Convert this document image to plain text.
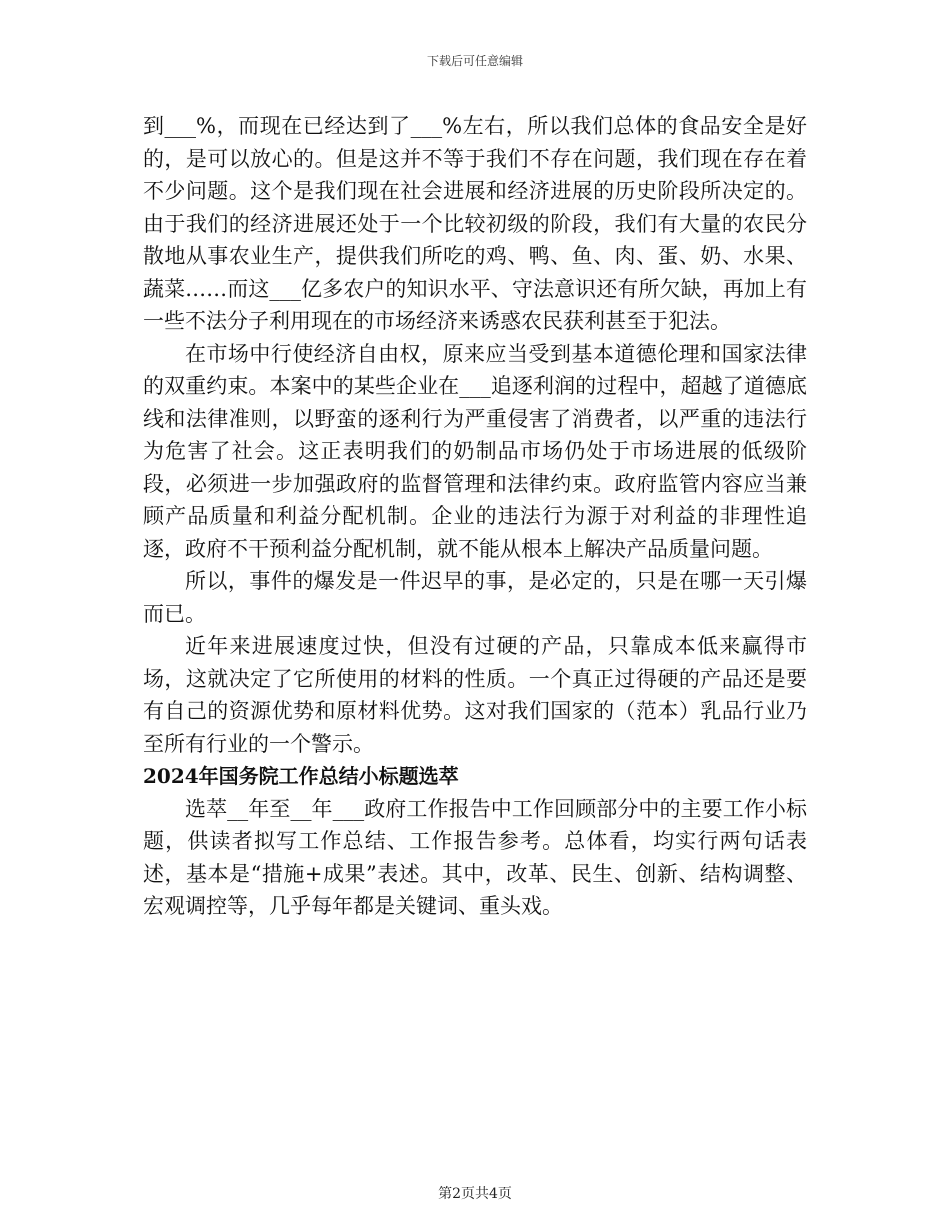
下载后可任意编辑

到___%，而现在已经达到了___%左右，所以我们总体的食品安全是好的，是可以放心的。但是这并不等于我们不存在问题，我们现在存在着不少问题。这个是我们现在社会进展和经济进展的历史阶段所决定的。由于我们的经济进展还处于一个比较初级的阶段，我们有大量的农民分散地从事农业生产，提供我们所吃的鸡、鸭、鱼、肉、蛋、奶、水果、蔬菜……而这___亿多农户的知识水平、守法意识还有所欠缺，再加上有一些不法分子利用现在的市场经济来诱惑农民获利甚至于犯法。

在市场中行使经济自由权，原来应当受到基本道德伦理和国家法律的双重约束。本案中的某些企业在___追逐利润的过程中，超越了道德底线和法律准则，以野蛮的逐利行为严重侵害了消费者，以严重的违法行为危害了社会。这正表明我们的奶制品市场仍处于市场进展的低级阶段，必须进一步加强政府的监督管理和法律约束。政府监管内容应当兼顾产品质量和利益分配机制。企业的违法行为源于对利益的非理性追逐，政府不干预利益分配机制，就不能从根本上解决产品质量问题。

所以，事件的爆发是一件迟早的事，是必定的，只是在哪一天引爆而已。

近年来进展速度过快，但没有过硬的产品，只靠成本低来赢得市场，这就决定了它所使用的材料的性质。一个真正过得硬的产品还是要有自己的资源优势和原材料优势。这对我们国家的（范本）乳品行业乃至所有行业的一个警示。

2024年国务院工作总结小标题选萃

选萃__年至__年___政府工作报告中工作回顾部分中的主要工作小标题，供读者拟写工作总结、工作报告参考。总体看，均实行两句话表述，基本是“措施+成果”表述。其中，改革、民生、创新、结构调整、宏观调控等，几乎每年都是关键词、重头戏。

第2页共4页
